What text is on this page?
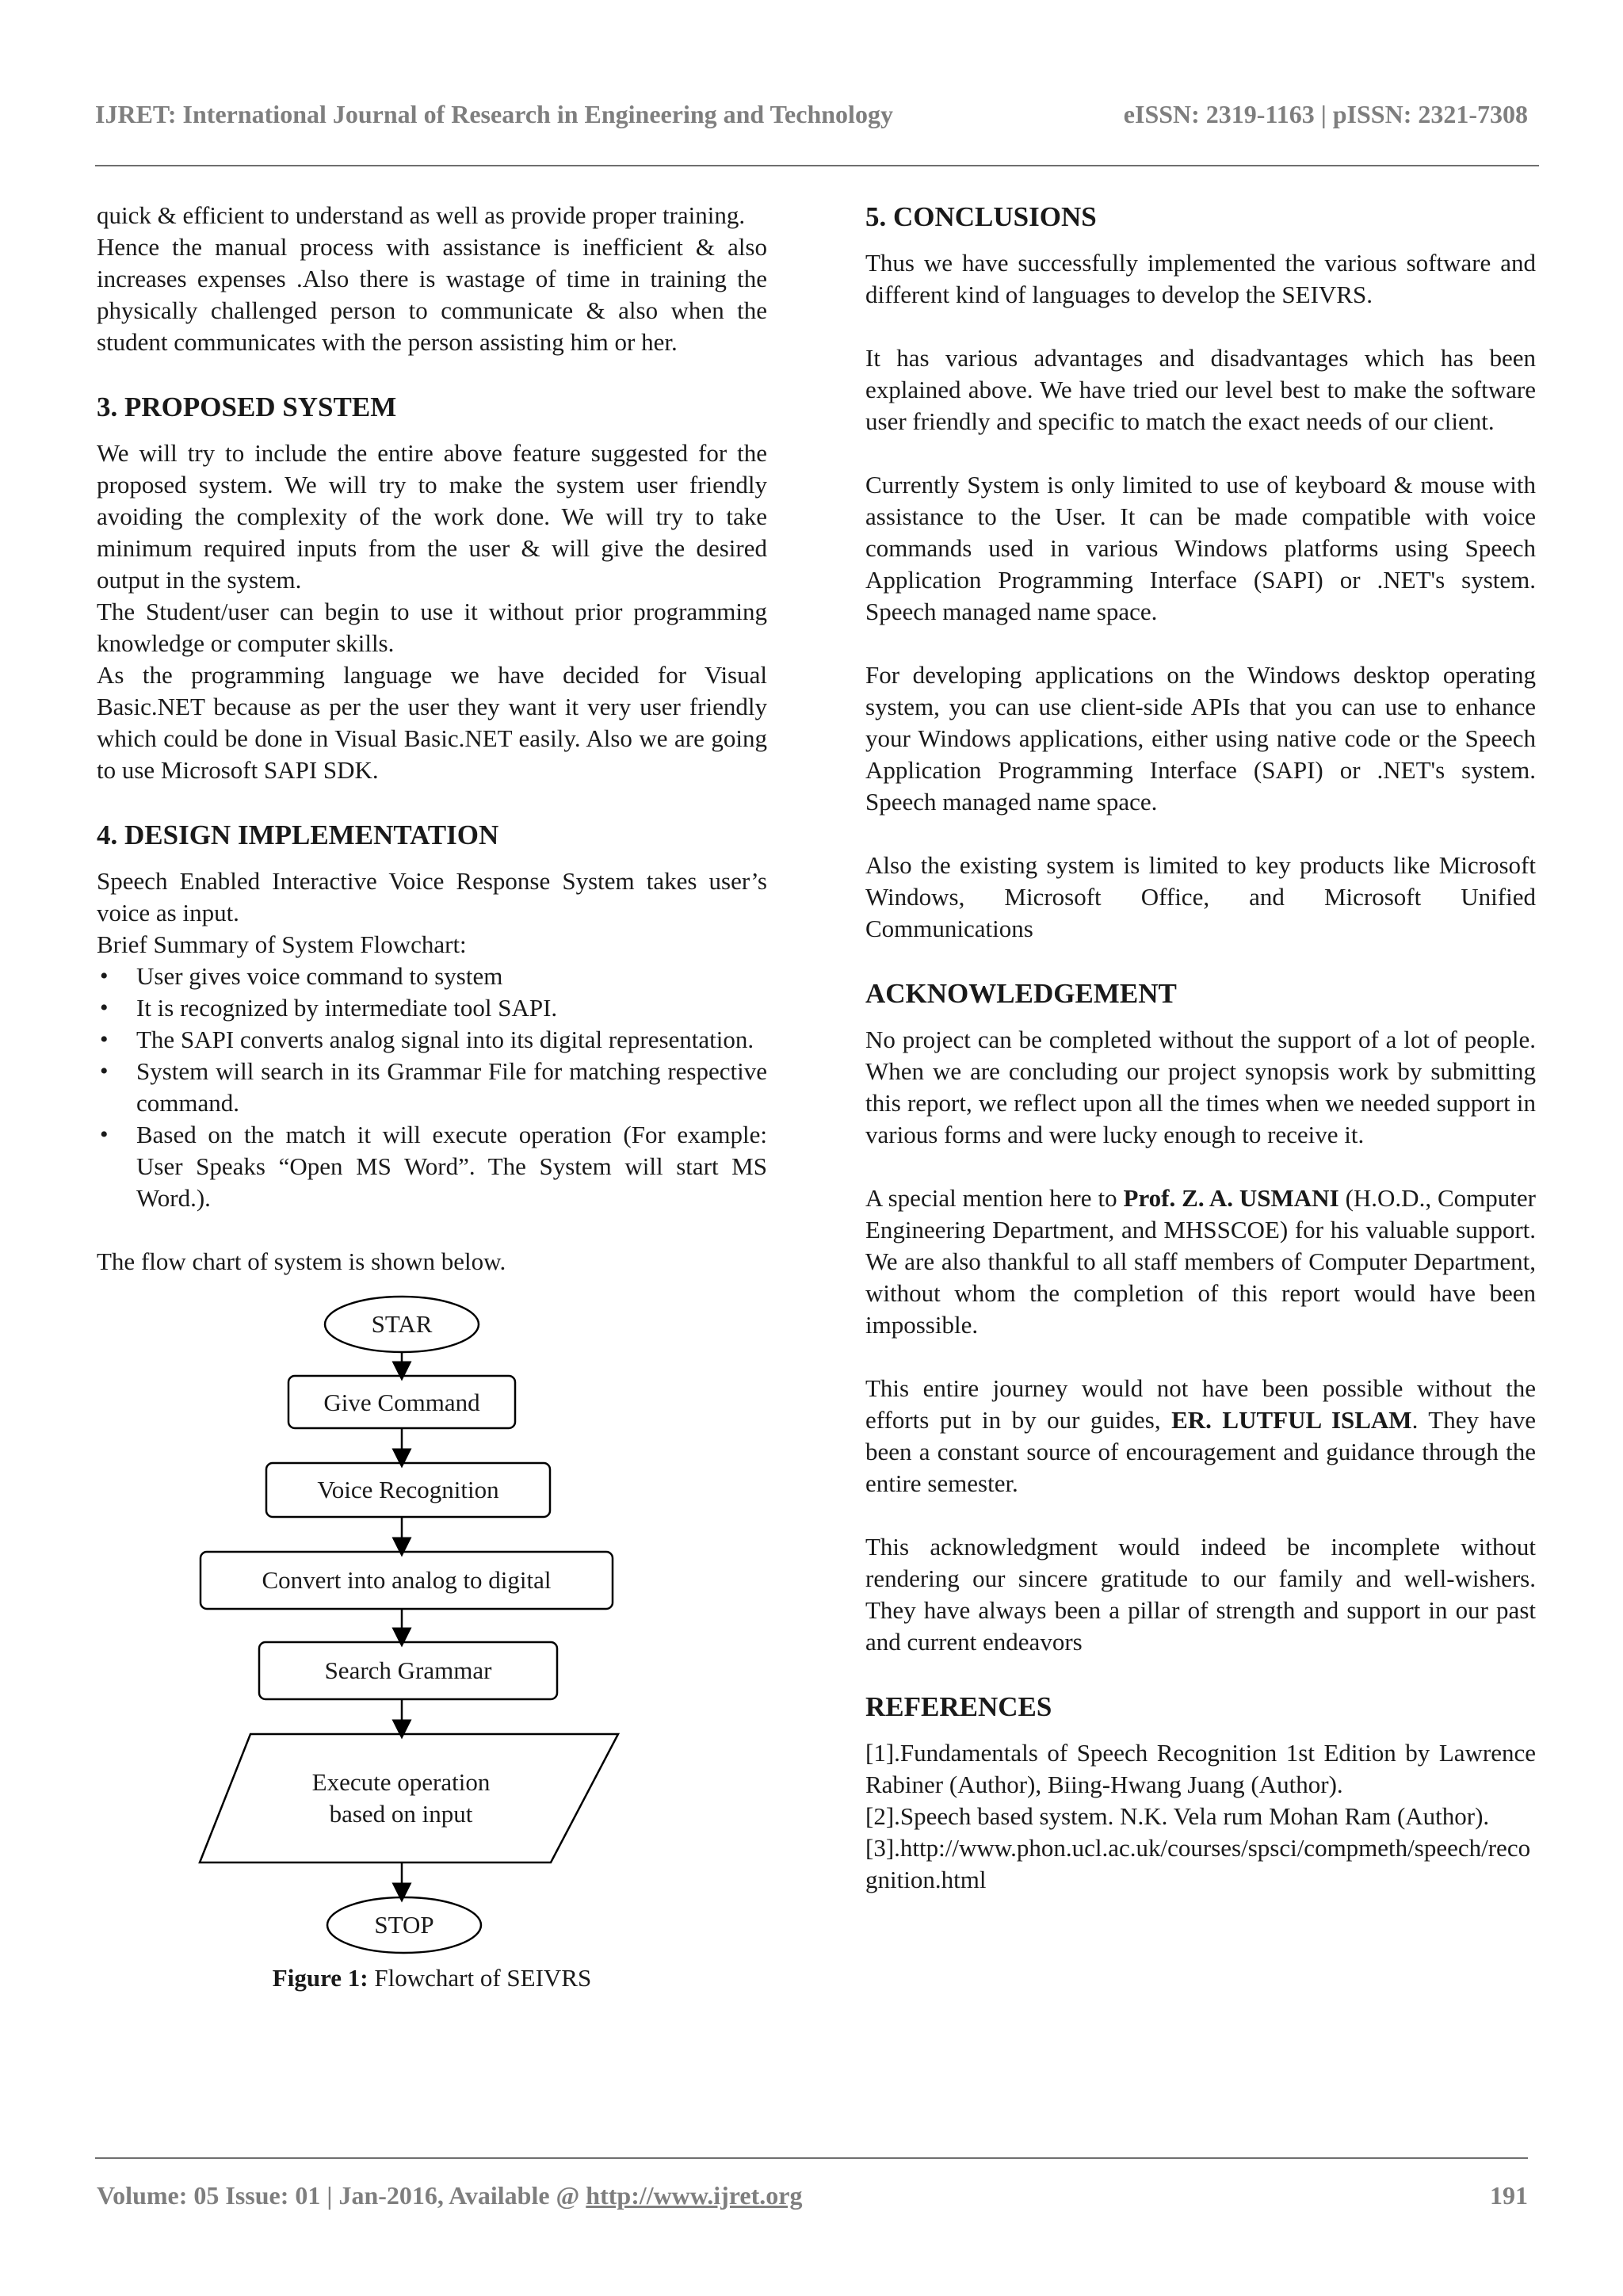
IJRET: International Journal of Research in Engineering and Technology	eISSN: 2319-1163 | pISSN: 2321-7308

quick & efficient to understand as well as provide proper training.

Hence the manual process with assistance is inefficient & also increases expenses .Also there is wastage of time in training the physically challenged person to communicate & also when the student communicates with the person assisting him or her.

3. PROPOSED SYSTEM

We will try to include the entire above feature suggested for the proposed system. We will try to make the system user friendly avoiding the complexity of the work done. We will try to take minimum required inputs from the user & will give the desired output in the system.

The Student/user can begin to use it without prior programming knowledge or computer skills.

As the programming language we have decided for Visual Basic.NET because as per the user they want it very user friendly which could be done in Visual Basic.NET easily. Also we are going to use Microsoft SAPI SDK.

4. DESIGN IMPLEMENTATION

Speech Enabled Interactive Voice Response System takes user’s voice as input.

Brief Summary of System Flowchart:

• User gives voice command to system
• It is recognized by intermediate tool SAPI.
• The SAPI converts analog signal into its digital representation.
• System will search in its Grammar File for matching respective command.
• Based on the match it will execute operation (For example: User Speaks “Open MS Word”. The System will start MS Word.).

The flow chart of system is shown below.

STAR
Give Command
Voice Recognition
Convert into analog to digital
Search Grammar
Execute operation
based on input
STOP
Figure 1: Flowchart of SEIVRS
5. CONCLUSIONS

Thus we have successfully implemented the various software and different kind of languages to develop the SEIVRS.

It has various advantages and disadvantages which has been explained above. We have tried our level best to make the software user friendly and specific to match the exact needs of our client.

Currently System is only limited to use of keyboard & mouse with assistance to the User. It can be made compatible with voice commands used in various Windows platforms using Speech Application Programming Interface (SAPI) or .NET's system. Speech managed name space.

For developing applications on the Windows desktop operating system, you can use client-side APIs that you can use to enhance your Windows applications, either using native code or the Speech Application Programming Interface (SAPI) or .NET's system. Speech managed name space.

Also the existing system is limited to key products like Microsoft Windows, Microsoft Office, and Microsoft Unified Communications

ACKNOWLEDGEMENT

No project can be completed without the support of a lot of people. When we are concluding our project synopsis work by submitting this report, we reflect upon all the times when we needed support in various forms and were lucky enough to receive it.

A special mention here to Prof. Z. A. USMANI (H.O.D., Computer Engineering Department, and MHSSCOE) for his valuable support. We are also thankful to all staff members of Computer Department, without whom the completion of this report would have been impossible.

This entire journey would not have been possible without the efforts put in by our guides, ER. LUTFUL ISLAM. They have been a constant source of encouragement and guidance through the entire semester.

This acknowledgment would indeed be incomplete without rendering our sincere gratitude to our family and well-wishers. They have always been a pillar of strength and support in our past and current endeavors

REFERENCES

[1].Fundamentals of Speech Recognition 1st Edition by Lawrence Rabiner (Author), Biing-Hwang Juang (Author).

[2].Speech based system. N.K. Vela rum Mohan Ram (Author).

[3].http://www.phon.ucl.ac.uk/courses/spsci/compmeth/speech/recognition.html

Volume: 05 Issue: 01 | Jan-2016, Available @ http://www.ijret.org	191
